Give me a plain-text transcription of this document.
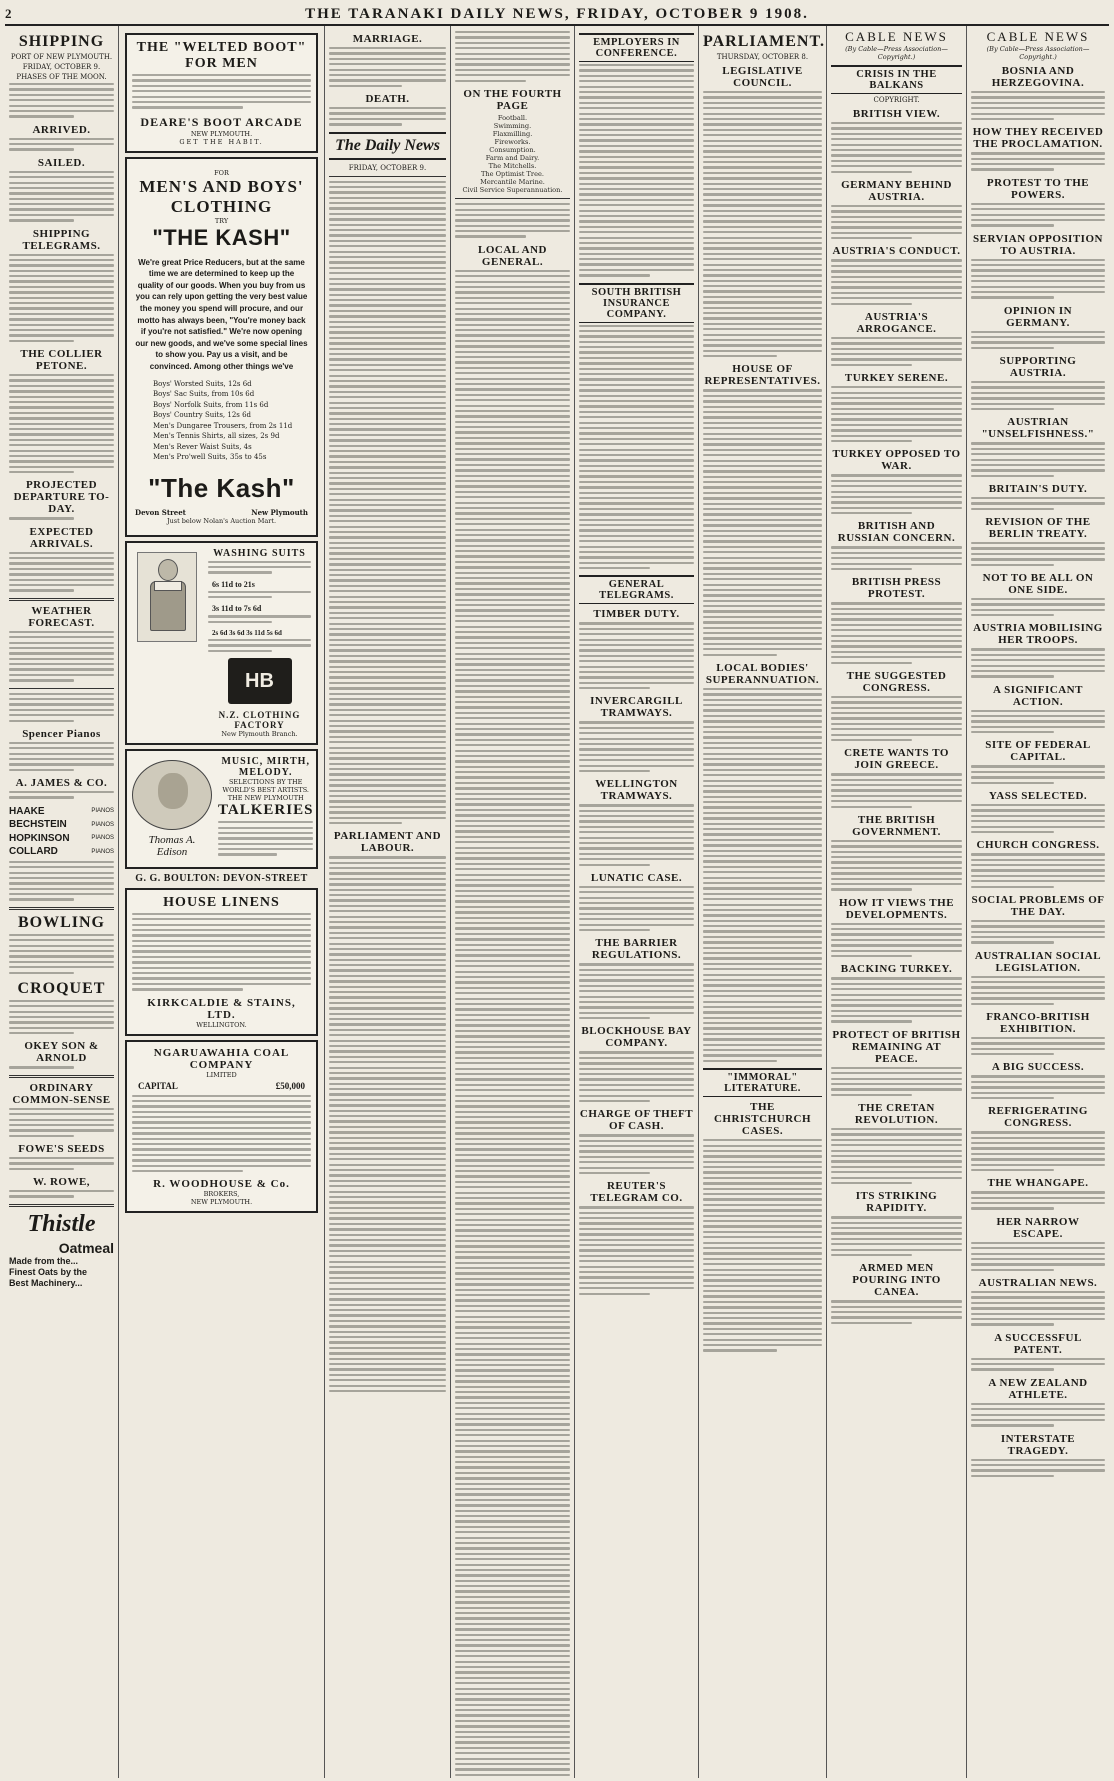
2	THE TARANAKI DAILY NEWS, FRIDAY, OCTOBER 9 1908.
SHIPPING
PORT OF NEW PLYMOUTH.
FRIDAY, OCTOBER 9.
PHASES OF THE MOON.
ARRIVED.
SAILED.
SHIPPING TELEGRAMS.
THE COLLIER PETONE.
PROJECTED DEPARTURE TO-DAY.
EXPECTED ARRIVALS.
WEATHER FORECAST.
Spencer Pianos
A. JAMES & CO.
HAAKE	PIANOS
BECHSTEIN	PIANOS
HOPKINSON	PIANOS
COLLARD	PIANOS
BOWLING
CROQUET
OKEY SON & ARNOLD
ORDINARY COMMON-SENSE
FOWE'S SEEDS
W. ROWE,
Thistle
Oatmeal
Made from the...
Finest Oats by the
Best Machinery...
THE "WELTED BOOT"
FOR MEN
DEARE'S BOOT ARCADE
NEW PLYMOUTH.
GET THE HABIT.
FOR
MEN'S AND BOYS'
CLOTHING
TRY
"THE KASH"
We're great Price Reducers, but at the same time we are determined to keep up the quality of our goods. When you buy from us you can rely upon getting the very best value the money you spend will procure, and our motto has always been, "You're money back if you're not satisfied." We're now opening our new goods, and we've some special lines to show you. Pay us a visit, and be convinced. Among other things we've
Boys' Worsted Suits, 12s 6d
Boys' Sac Suits, from 10s 6d
Boys' Norfolk Suits, from 11s 6d
Boys' Country Suits, 12s 6d
Men's Dungaree Trousers, from 2s 11d
Men's Tennis Shirts, all sizes, 2s 9d
Men's Rever Waist Suits, 4s
Men's Pro'well Suits, 35s to 45s
"The Kash"
Devon Street	New Plymouth
Just below Nolan's Auction Mart.
WASHING SUITS
6s 11d to 21s
3s 11d to 7s 6d
2s 6d 3s 6d 3s 11d 5s 6d
HB
N.Z. CLOTHING FACTORY
New Plymouth Branch.
Thomas A. Edison
MUSIC, MIRTH, MELODY.
SELECTIONS BY THE WORLD'S BEST ARTISTS.
THE NEW PLYMOUTH
TALKERIES
G. G. BOULTON: DEVON-STREET
HOUSE LINENS
KIRKCALDIE & STAINS, LTD.
WELLINGTON.
NGARUAWAHIA COAL COMPANY
LIMITED
CAPITAL	£50,000
R. WOODHOUSE & Co.
BROKERS,
NEW PLYMOUTH.
MARRIAGE.
DEATH.
The Daily News
FRIDAY, OCTOBER 9.
PARLIAMENT AND LABOUR.
ON THE FOURTH PAGE
Football.
Swimming.
Flaxmilling.
Fireworks.
Consumption.
Farm and Dairy.
The Mitchells.
The Optimist Tree.
Mercantile Marine.
Civil Service Superannuation.
LOCAL AND GENERAL.
EMPLOYERS IN CONFERENCE.
SOUTH BRITISH INSURANCE COMPANY.
GENERAL TELEGRAMS.
TIMBER DUTY.
INVERCARGILL TRAMWAYS.
WELLINGTON TRAMWAYS.
LUNATIC CASE.
THE BARRIER REGULATIONS.
BLOCKHOUSE BAY COMPANY.
CHARGE OF THEFT OF CASH.
REUTER'S TELEGRAM CO.
PARLIAMENT.
THURSDAY, OCTOBER 8.
LEGISLATIVE COUNCIL.
HOUSE OF REPRESENTATIVES.
LOCAL BODIES' SUPERANNUATION.
"IMMORAL" LITERATURE.
THE CHRISTCHURCH CASES.
CABLE NEWS
(By Cable—Press Association—Copyright.)
CRISIS IN THE BALKANS
COPYRIGHT.
BRITISH VIEW.
GERMANY BEHIND AUSTRIA.
AUSTRIA'S CONDUCT.
AUSTRIA'S ARROGANCE.
TURKEY SERENE.
TURKEY OPPOSED TO WAR.
BRITISH AND RUSSIAN CONCERN.
BRITISH PRESS PROTEST.
THE SUGGESTED CONGRESS.
CRETE WANTS TO JOIN GREECE.
THE BRITISH GOVERNMENT.
HOW IT VIEWS THE DEVELOPMENTS.
BACKING TURKEY.
PROTECT OF BRITISH REMAINING AT PEACE.
THE CRETAN REVOLUTION.
ITS STRIKING RAPIDITY.
ARMED MEN POURING INTO CANEA.
CABLE NEWS
(By Cable—Press Association—Copyright.)
BOSNIA AND HERZEGOVINA.
HOW THEY RECEIVED THE PROCLAMATION.
PROTEST TO THE POWERS.
SERVIAN OPPOSITION TO AUSTRIA.
OPINION IN GERMANY.
SUPPORTING AUSTRIA.
AUSTRIAN "UNSELFISHNESS."
BRITAIN'S DUTY.
REVISION OF THE BERLIN TREATY.
NOT TO BE ALL ON ONE SIDE.
AUSTRIA MOBILISING HER TROOPS.
A SIGNIFICANT ACTION.
SITE OF FEDERAL CAPITAL.
YASS SELECTED.
CHURCH CONGRESS.
SOCIAL PROBLEMS OF THE DAY.
AUSTRALIAN SOCIAL LEGISLATION.
FRANCO-BRITISH EXHIBITION.
A BIG SUCCESS.
REFRIGERATING CONGRESS.
THE WHANGAPE.
HER NARROW ESCAPE.
AUSTRALIAN NEWS.
A SUCCESSFUL PATENT.
A NEW ZEALAND ATHLETE.
INTERSTATE TRAGEDY.
